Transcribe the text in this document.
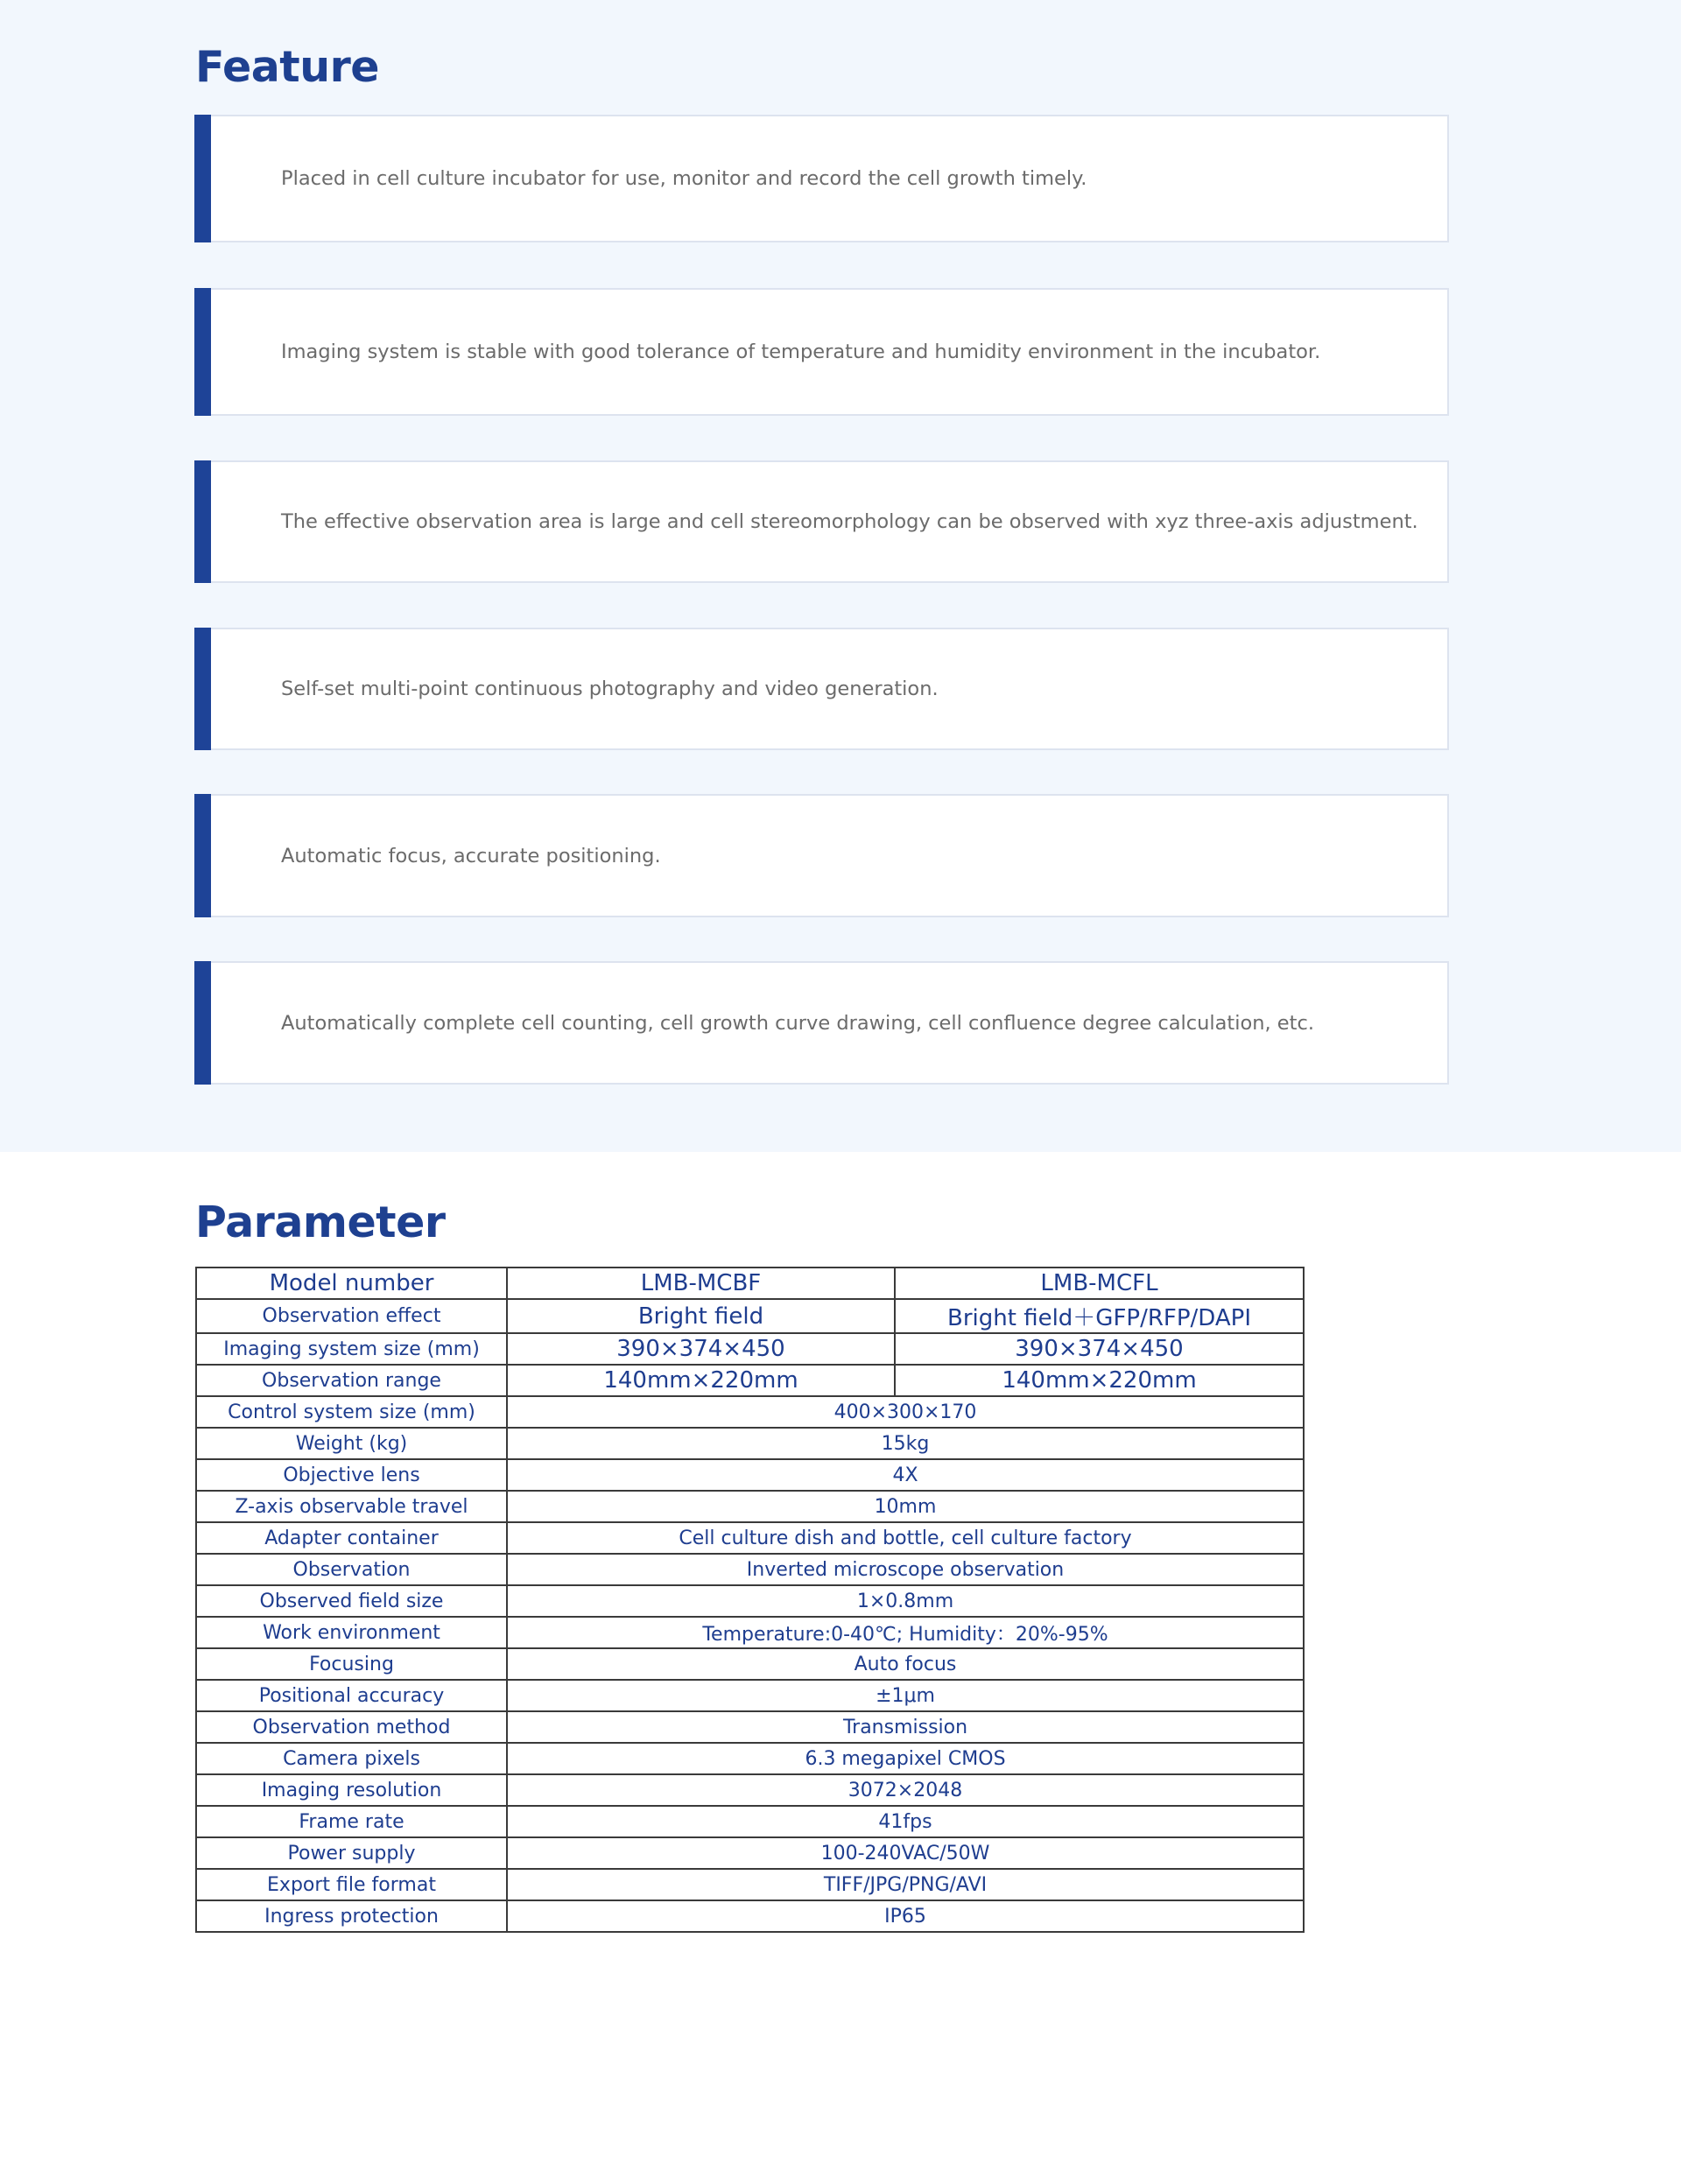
Feature
Placed in cell culture incubator for use, monitor and record the cell growth timely.
Imaging system is stable with good tolerance of temperature and humidity environment in the incubator.
The effective observation area is large and cell stereomorphology can be observed with xyz three-axis adjustment.
Self-set multi-point continuous photography and video generation.
Automatic focus, accurate positioning.
Automatically complete cell counting, cell growth curve drawing, cell confluence degree calculation, etc.
Parameter
Model number	LMB-MCBF	LMB-MCFL
Observation effect	Bright field	Bright field＋GFP/RFP/DAPI
Imaging system size (mm)	390×374×450	390×374×450
Observation range	140mm×220mm	140mm×220mm
Control system size (mm)	400×300×170	
Weight (kg)	15kg	
Objective lens	4X	
Z-axis observable travel	10mm	
Adapter container	Cell culture dish and bottle, cell culture factory	
Observation	Inverted microscope observation	
Observed field size	1×0.8mm	
Work environment	Temperature:0-40℃; Humidity：20%-95%	
Focusing	Auto focus	
Positional accuracy	±1μm	
Observation method	Transmission	
Camera pixels	6.3 megapixel CMOS	
Imaging resolution	3072×2048	
Frame rate	41fps	
Power supply	100-240VAC/50W	
Export file format	TIFF/JPG/PNG/AVI	
Ingress protection	IP65	
